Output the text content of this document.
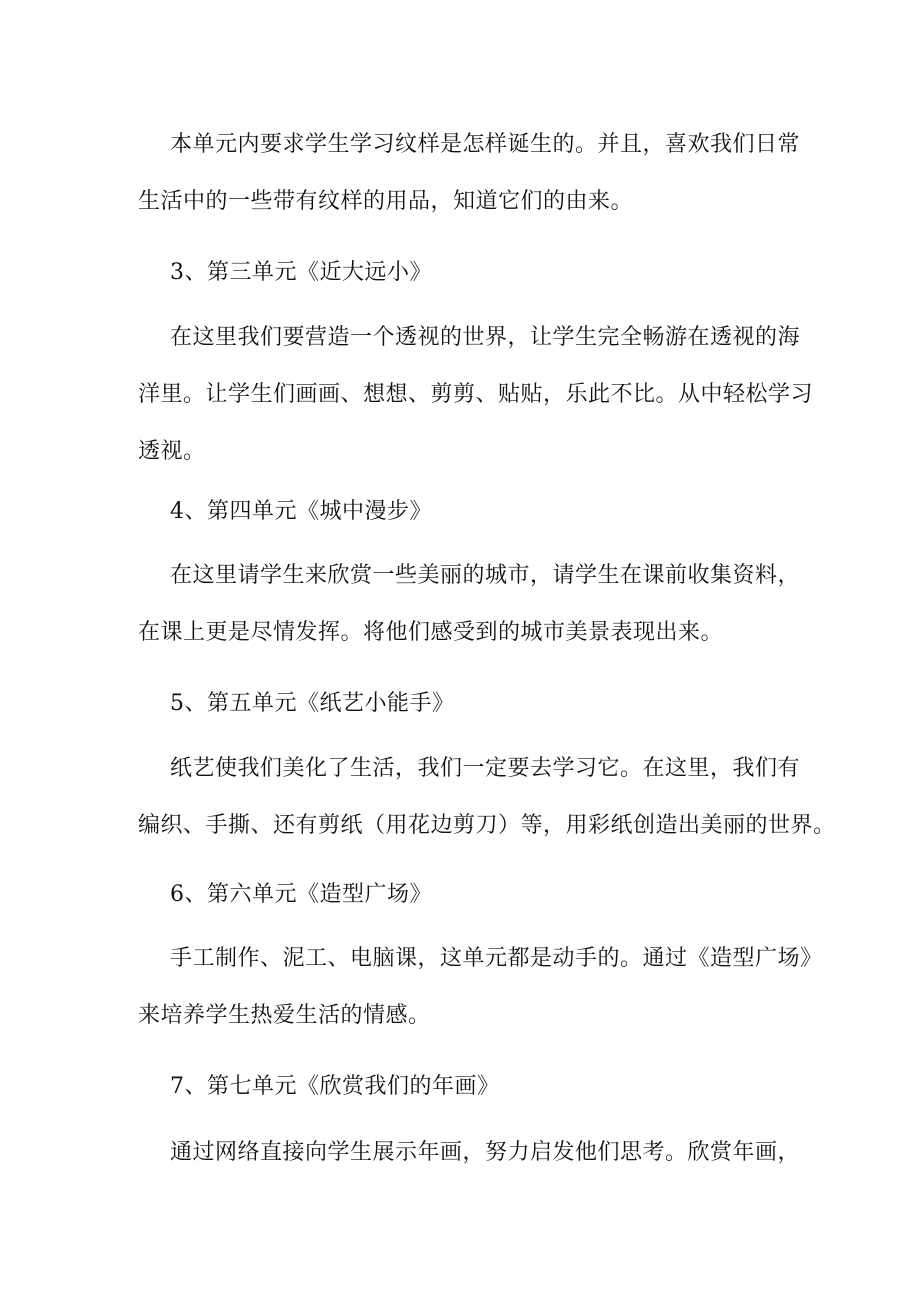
本单元内要求学生学习纹样是怎样诞生的。并且，喜欢我们日常
生活中的一些带有纹样的用品，知道它们的由来。
3、第三单元《近大远小》
在这里我们要营造一个透视的世界，让学生完全畅游在透视的海
洋里。让学生们画画、想想、剪剪、贴贴，乐此不比。从中轻松学习
透视。
4、第四单元《城中漫步》
在这里请学生来欣赏一些美丽的城市，请学生在课前收集资料，
在课上更是尽情发挥。将他们感受到的城市美景表现出来。
5、第五单元《纸艺小能手》
纸艺使我们美化了生活，我们一定要去学习它。在这里，我们有
编织、手撕、还有剪纸（用花边剪刀）等，用彩纸创造出美丽的世界。
6、第六单元《造型广场》
手工制作、泥工、电脑课，这单元都是动手的。通过《造型广场》
来培养学生热爱生活的情感。
7、第七单元《欣赏我们的年画》
通过网络直接向学生展示年画，努力启发他们思考。欣赏年画，
